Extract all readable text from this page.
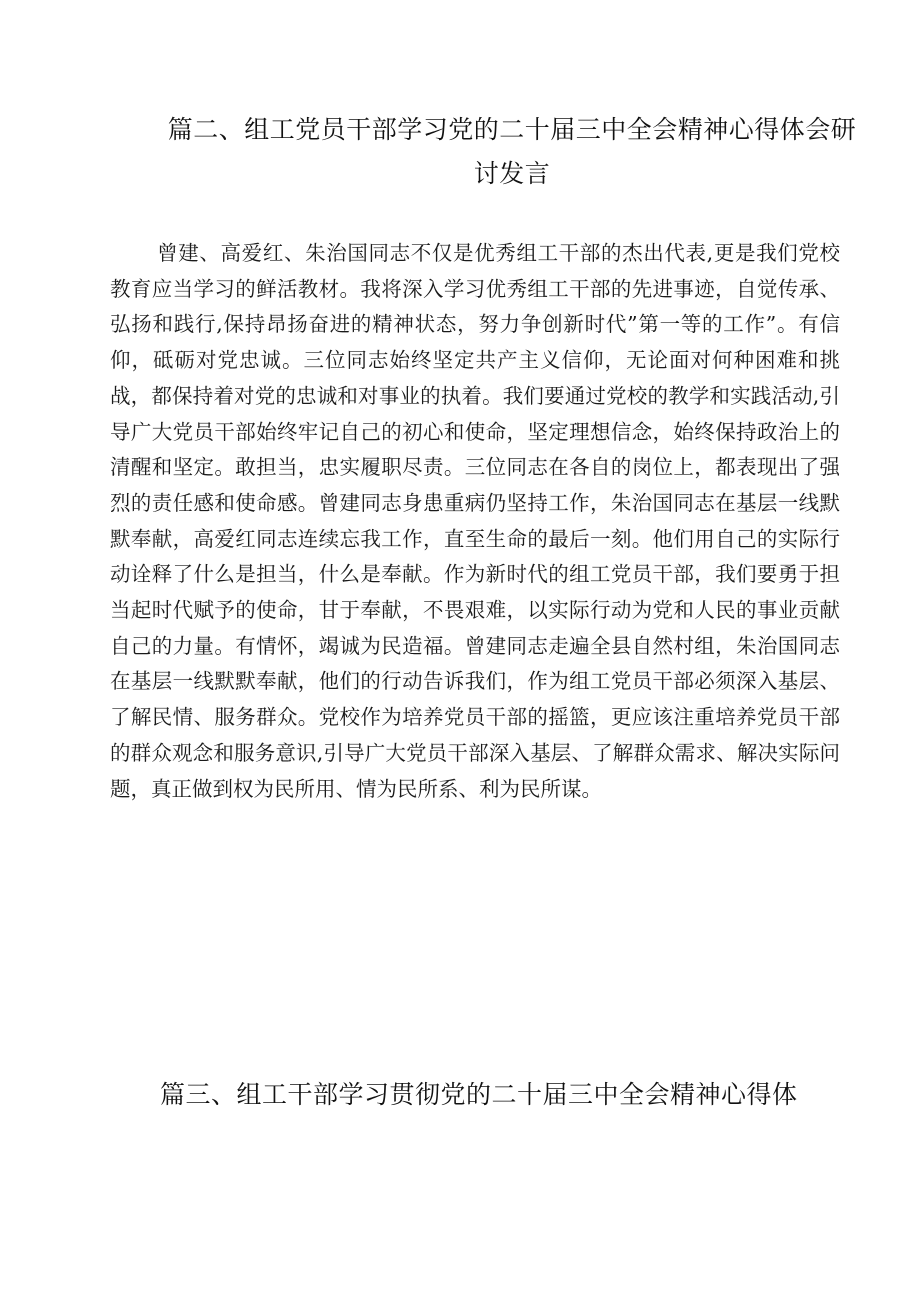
篇二、组工党员干部学习党的二十届三中全会精神心得体会研讨发言

曾建、高爱红、朱治国同志不仅是优秀组工干部的杰出代表,更是我们党校教育应当学习的鲜活教材。我将深入学习优秀组工干部的先进事迹，自觉传承、弘扬和践行,保持昂扬奋进的精神状态，努力争创新时代”第一等的工作”。有信仰，砥砺对党忠诚。三位同志始终坚定共产主义信仰，无论面对何种困难和挑战，都保持着对党的忠诚和对事业的执着。我们要通过党校的教学和实践活动,引导广大党员干部始终牢记自己的初心和使命，坚定理想信念，始终保持政治上的清醒和坚定。敢担当，忠实履职尽责。三位同志在各自的岗位上，都表现出了强烈的责任感和使命感。曾建同志身患重病仍坚持工作，朱治国同志在基层一线默默奉献，高爱红同志连续忘我工作，直至生命的最后一刻。他们用自己的实际行动诠释了什么是担当，什么是奉献。作为新时代的组工党员干部，我们要勇于担当起时代赋予的使命，甘于奉献，不畏艰难，以实际行动为党和人民的事业贡献自己的力量。有情怀，竭诚为民造福。曾建同志走遍全县自然村组，朱治国同志在基层一线默默奉献，他们的行动告诉我们，作为组工党员干部必须深入基层、了解民情、服务群众。党校作为培养党员干部的摇篮，更应该注重培养党员干部的群众观念和服务意识,引导广大党员干部深入基层、了解群众需求、解决实际问题，真正做到权为民所用、情为民所系、利为民所谋。

篇三、组工干部学习贯彻党的二十届三中全会精神心得体
